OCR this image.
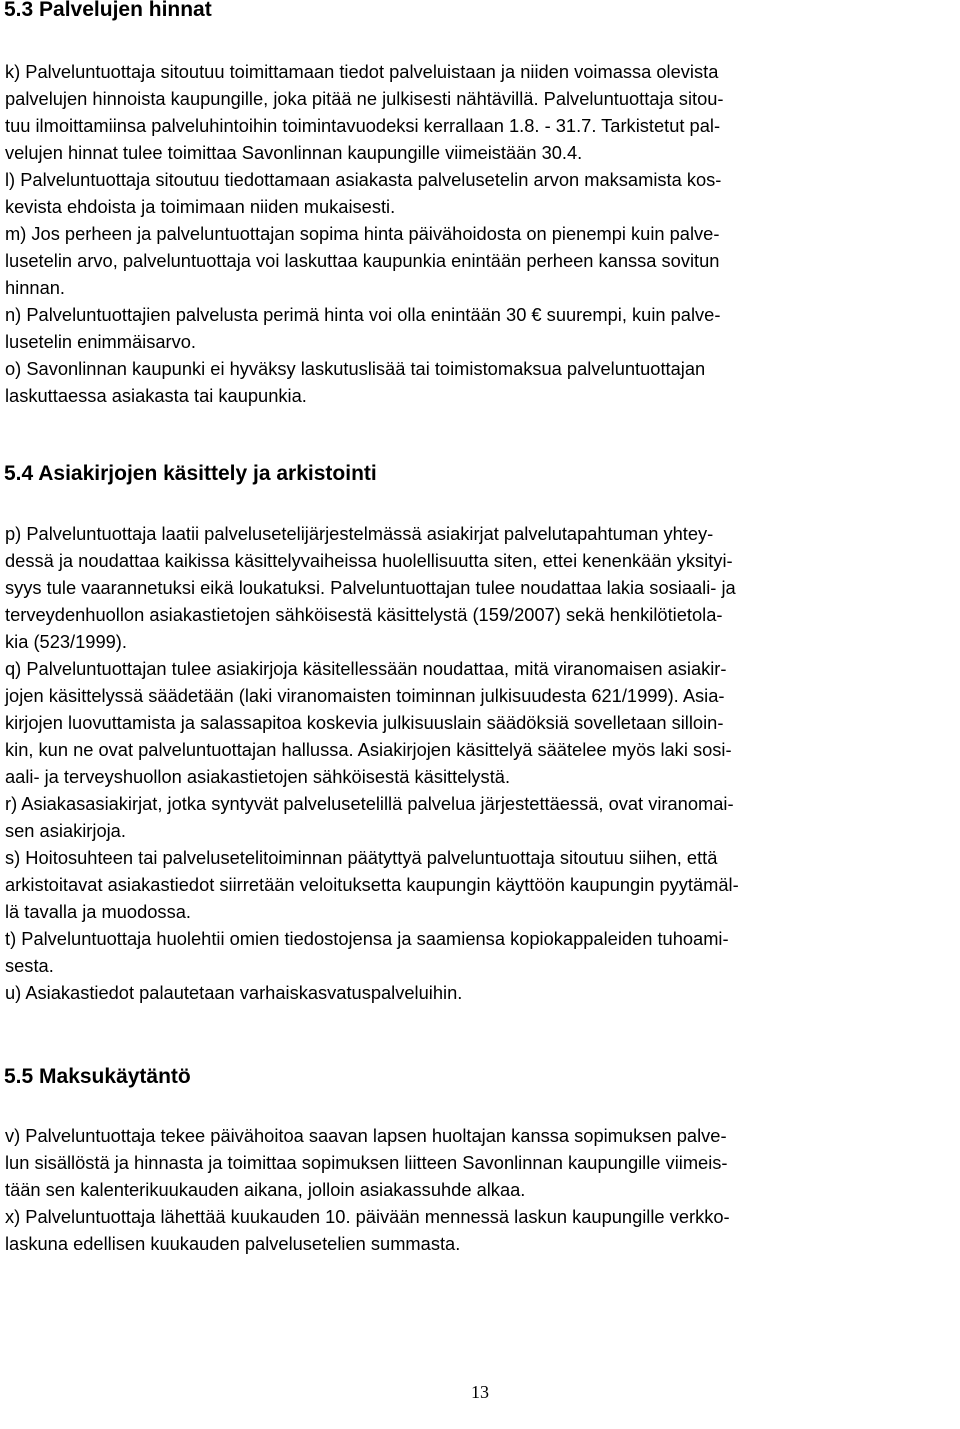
5.3 Palvelujen hinnat

k) Palveluntuottaja sitoutuu toimittamaan tiedot palveluistaan ja niiden voimassa olevista
palvelujen hinnoista kaupungille, joka pitää ne julkisesti nähtävillä. Palveluntuottaja sitou-
tuu ilmoittamiinsa palveluhintoihin toimintavuodeksi kerrallaan 1.8. - 31.7. Tarkistetut pal-
velujen hinnat tulee toimittaa Savonlinnan kaupungille viimeistään 30.4.

l) Palveluntuottaja sitoutuu tiedottamaan asiakasta palvelusetelin arvon maksamista kos-
kevista ehdoista ja toimimaan niiden mukaisesti.

m) Jos perheen ja palveluntuottajan sopima hinta päivähoidosta on pienempi kuin palve-
lusetelin arvo, palveluntuottaja voi laskuttaa kaupunkia enintään perheen kanssa sovitun
hinnan.

n) Palveluntuottajien palvelusta perimä hinta voi olla enintään 30 € suurempi, kuin palve-
lusetelin enimmäisarvo.

o) Savonlinnan kaupunki ei hyväksy laskutuslisää tai toimistomaksua palveluntuottajan
laskuttaessa asiakasta tai kaupunkia.

5.4 Asiakirjojen käsittely ja arkistointi

p) Palveluntuottaja laatii palvelusetelijärjestelmässä asiakirjat palvelutapahtuman yhtey-
dessä ja noudattaa kaikissa käsittelyvaiheissa huolellisuutta siten, ettei kenenkään yksityi-
syys tule vaarannetuksi eikä loukatuksi. Palveluntuottajan tulee noudattaa lakia sosiaali- ja
terveydenhuollon asiakastietojen sähköisestä käsittelystä (159/2007) sekä henkilötietola-
kia (523/1999).

q) Palveluntuottajan tulee asiakirjoja käsitellessään noudattaa, mitä viranomaisen asiakir-
jojen käsittelyssä säädetään (laki viranomaisten toiminnan julkisuudesta 621/1999). Asia-
kirjojen luovuttamista ja salassapitoa koskevia julkisuuslain säädöksiä sovelletaan silloin-
kin, kun ne ovat palveluntuottajan hallussa. Asiakirjojen käsittelyä säätelee myös laki sosi-
aali- ja terveyshuollon asiakastietojen sähköisestä käsittelystä.

r) Asiakasasiakirjat, jotka syntyvät palvelusetelillä palvelua järjestettäessä, ovat viranomai-
sen asiakirjoja.

s) Hoitosuhteen tai palvelusetelitoiminnan päätyttyä palveluntuottaja sitoutuu siihen, että
arkistoitavat asiakastiedot siirretään veloituksetta kaupungin käyttöön kaupungin pyytämäl-
lä tavalla ja muodossa.

t) Palveluntuottaja huolehtii omien tiedostojensa ja saamiensa kopiokappaleiden tuhoami-
sesta.

u) Asiakastiedot palautetaan varhaiskasvatuspalveluihin.

5.5 Maksukäytäntö

v) Palveluntuottaja tekee päivähoitoa saavan lapsen huoltajan kanssa sopimuksen palve-
lun sisällöstä ja hinnasta ja toimittaa sopimuksen liitteen Savonlinnan kaupungille viimeis-
tään sen kalenterikuukauden aikana, jolloin asiakassuhde alkaa.

x) Palveluntuottaja lähettää kuukauden 10. päivään mennessä laskun kaupungille verkko-
laskuna edellisen kuukauden palvelusetelien summasta.

13
